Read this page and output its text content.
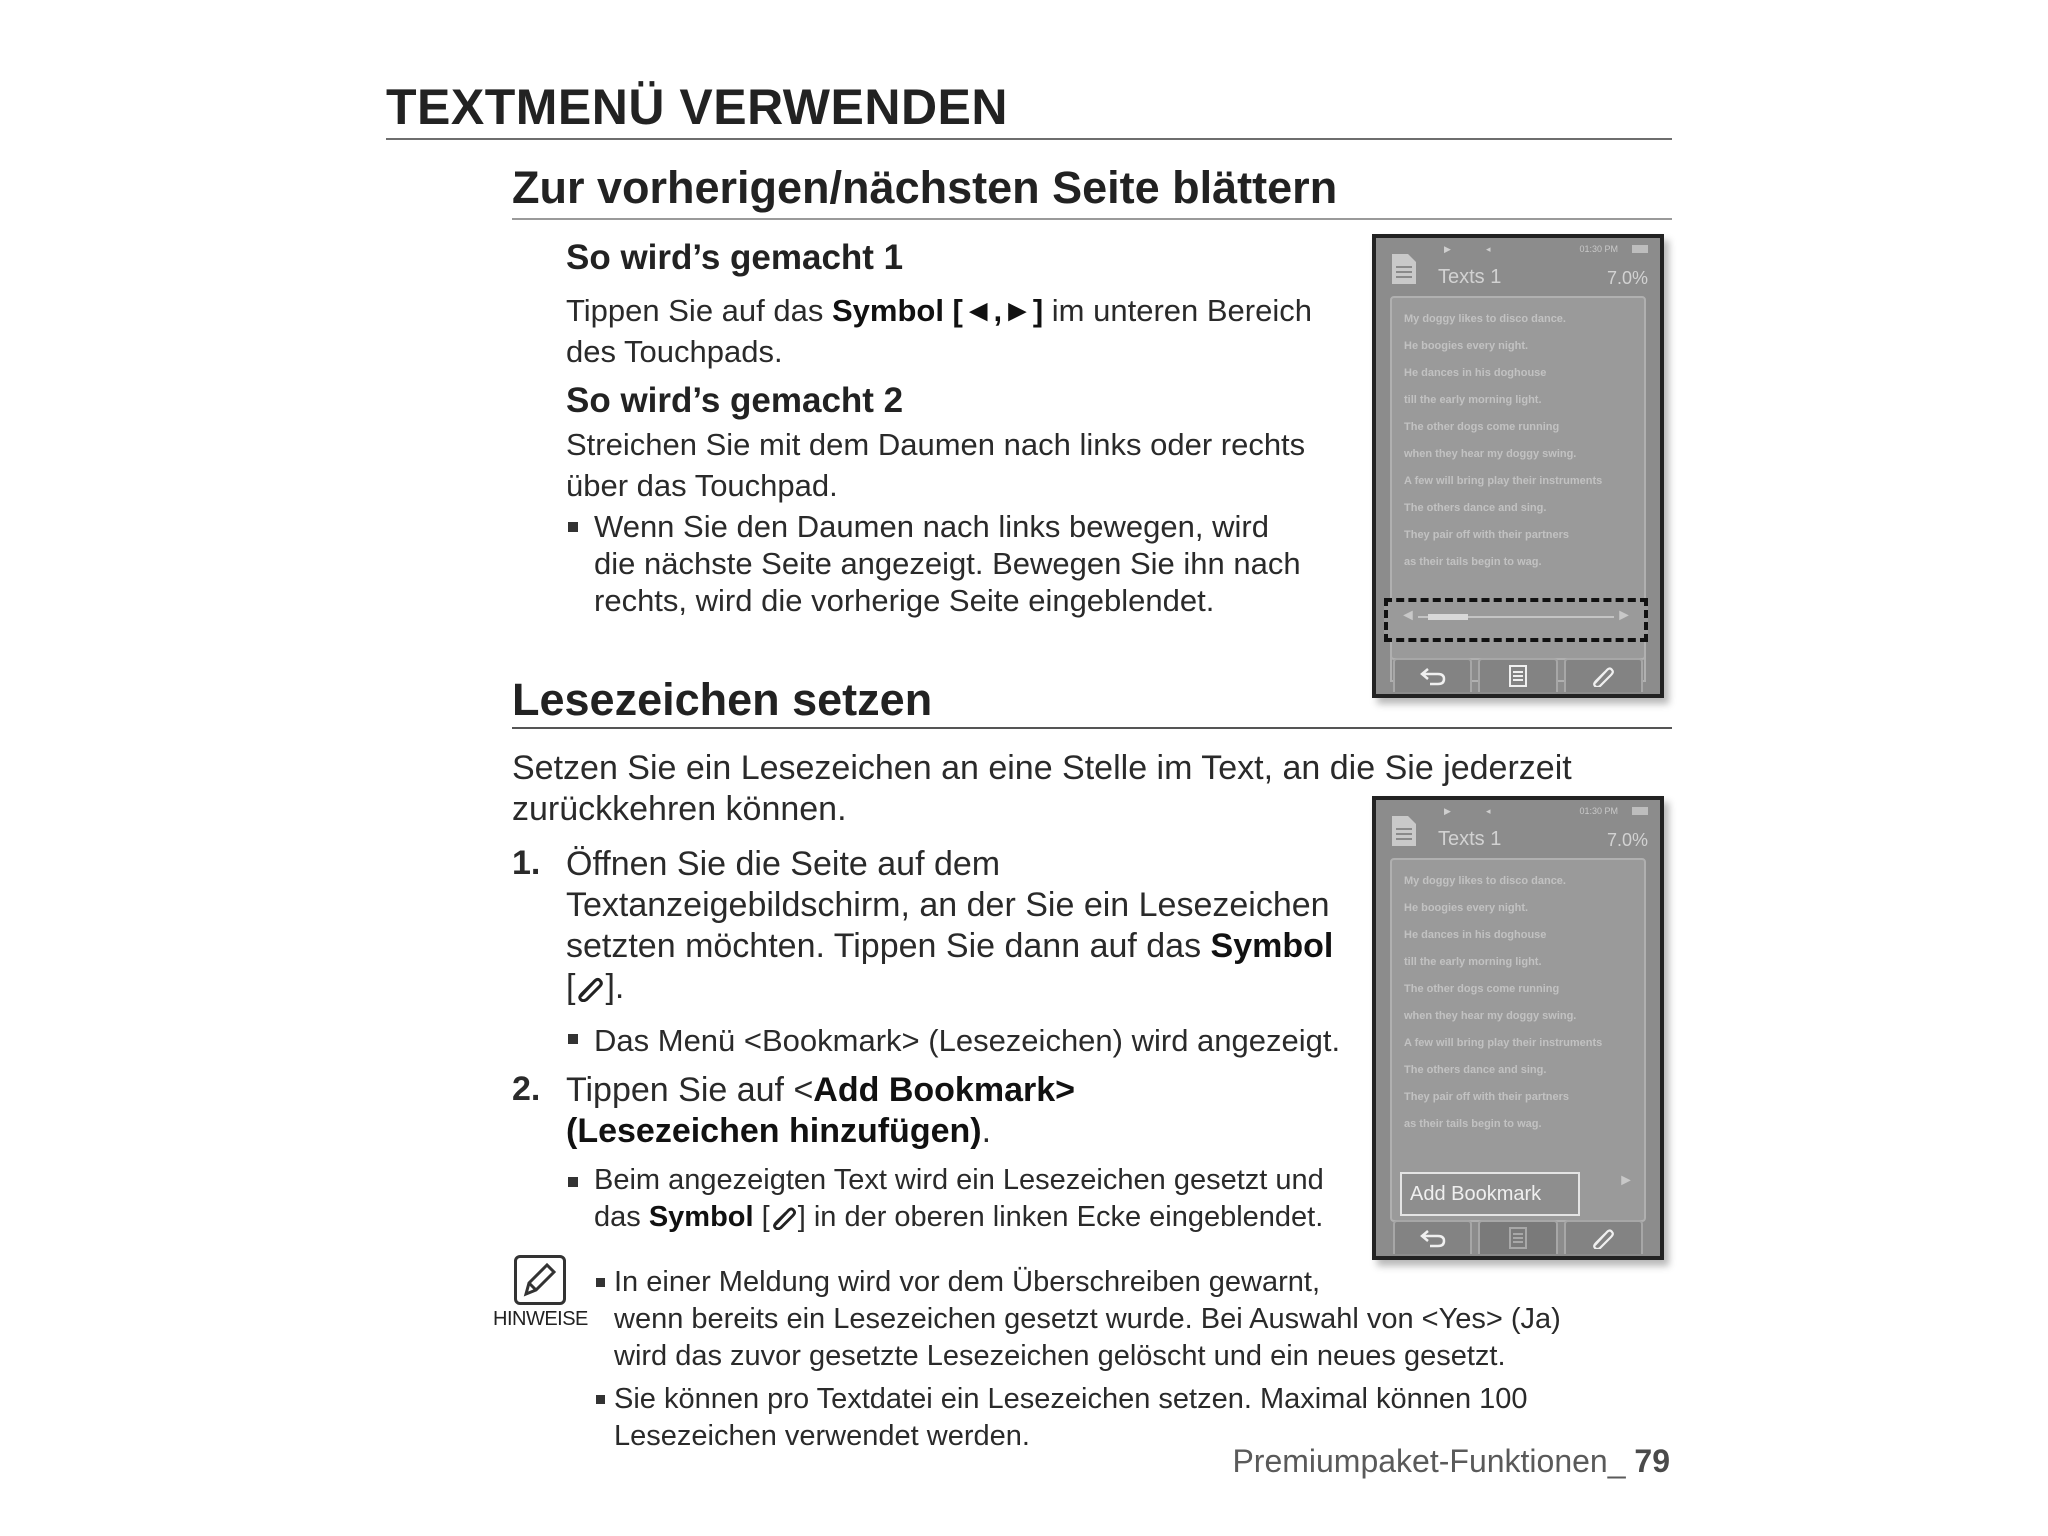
TEXTMENÜ VERWENDEN
Zur vorherigen/nächsten Seite blättern
So wird’s gemacht 1
Tippen Sie auf das Symbol [◄,►] im unteren Bereich
des Touchpads.
So wird’s gemacht 2
Streichen Sie mit dem Daumen nach links oder rechts
über das Touchpad.
Wenn Sie den Daumen nach links bewegen, wird
die nächste Seite angezeigt. Bewegen Sie ihn nach
rechts, wird die vorherige Seite eingeblendet.
▶	◂	01:30 PM
Texts 1	7.0%
My doggy likes to disco dance.
He boogies every night.
He dances in his doghouse
till the early morning light.
The other dogs come running
when they hear my doggy swing.
A few will bring play their instruments
The others dance and sing.
They pair off with their partners
as their tails begin to wag.
◄	►
Lesezeichen setzen
Setzen Sie ein Lesezeichen an eine Stelle im Text, an die Sie jederzeit
zurückkehren können.
1. Öffnen Sie die Seite auf dem
Textanzeigebildschirm, an der Sie ein Lesezeichen
setzten möchten. Tippen Sie dann auf das Symbol
[ ].
Das Menü <Bookmark> (Lesezeichen) wird angezeigt.
2. Tippen Sie auf <Add Bookmark>
(Lesezeichen hinzufügen).
Beim angezeigten Text wird ein Lesezeichen gesetzt und
das Symbol [ ] in der oberen linken Ecke eingeblendet.
▶	◂	01:30 PM
Texts 1	7.0%
My doggy likes to disco dance.
He boogies every night.
He dances in his doghouse
till the early morning light.
The other dogs come running
when they hear my doggy swing.
A few will bring play their instruments
The others dance and sing.
They pair off with their partners
as their tails begin to wag.
Add Bookmark
►
HINWEISE
In einer Meldung wird vor dem Überschreiben gewarnt,
wenn bereits ein Lesezeichen gesetzt wurde. Bei Auswahl von <Yes> (Ja)
wird das zuvor gesetzte Lesezeichen gelöscht und ein neues gesetzt.
Sie können pro Textdatei ein Lesezeichen setzen. Maximal können 100
Lesezeichen verwendet werden.
Premiumpaket-Funktionen_ 79
